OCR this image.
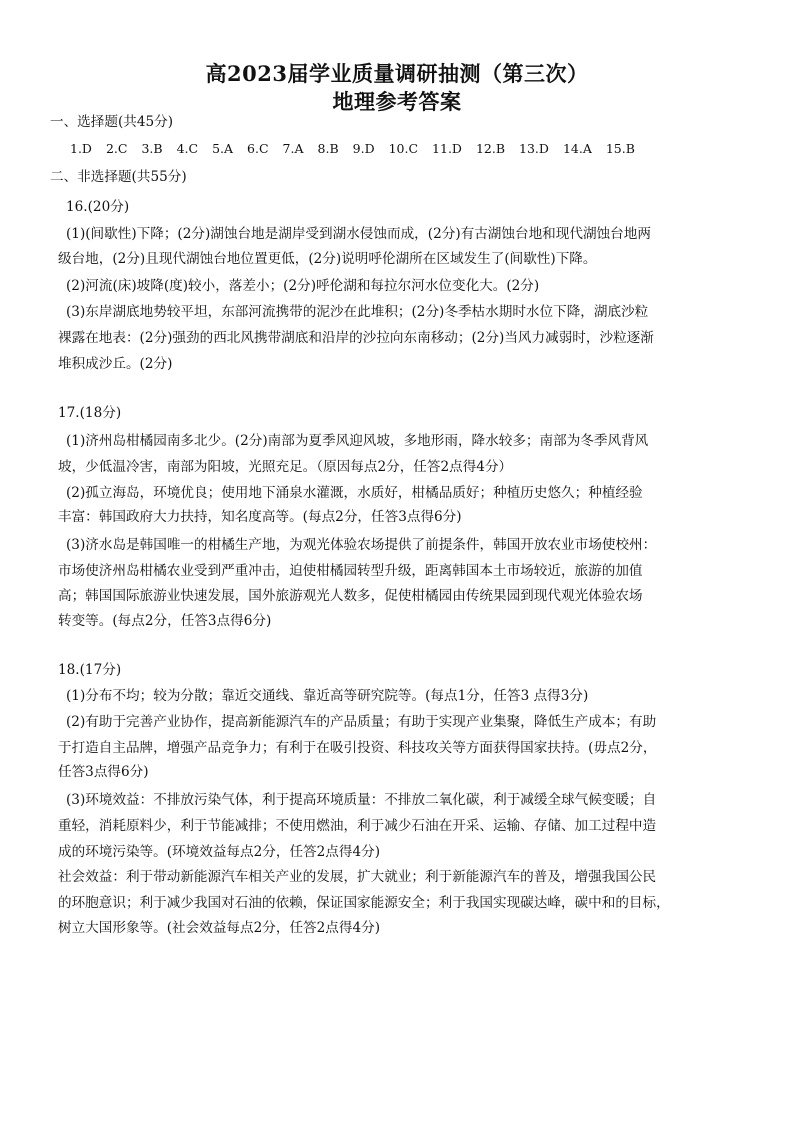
高2023届学业质量调研抽测（第三次）
地理参考答案
一、选择题(共45分)
1.D 2.C 3.B 4.C 5.A 6.C 7.A 8.B 9.D 10.C 11.D 12.B 13.D 14.A 15.B
二、非选择题(共55分)
16.(20分)
(1)(间歇性)下降；(2分)湖蚀台地是湖岸受到湖水侵蚀而成，(2分)有古湖蚀台地和现代湖蚀台地两
级台地，(2分)且现代湖蚀台地位置更低，(2分)说明呼伦湖所在区域发生了(间歇性)下降。
(2)河流(床)坡降(度)较小，落差小；(2分)呼伦湖和每拉尔河水位变化大。(2分)
(3)东岸湖底地势较平坦，东部河流携带的泥沙在此堆积；(2分)冬季枯水期时水位下降，湖底沙粒
裸露在地表：(2分)强劲的西北风携带湖底和沿岸的沙拉向东南移动；(2分)当风力减弱时，沙粒逐渐
堆积成沙丘。(2分)
17.(18分)
(1)济州岛柑橘园南多北少。(2分)南部为夏季风迎风坡，多地形雨，降水较多；南部为冬季风背风
坡，少低温冷害，南部为阳坡，光照充足。（原因每点2分，任答2点得4分）
(2)孤立海岛，环境优良；使用地下涌泉水灌溉，水质好，柑橘品质好；种植历史悠久；种植经验
丰富：韩国政府大力扶持，知名度高等。(每点2分，任答3点得6分)
(3)济水岛是韩国唯一的柑橘生产地，为观光体验农场提供了前提条件，韩国开放农业市场使校州：
市场使济州岛柑橘农业受到严重冲击，迫使柑橘园转型升级，距离韩国本土市场较近，旅游的加值
高；韩国国际旅游业快速发展，国外旅游观光人数多，促使柑橘园由传统果园到现代观光体验农场
转变等。(每点2分，任答3点得6分)
18.(17分)
(1)分布不均；较为分散；靠近交通线、靠近高等研究院等。(每点1分，任答3 点得3分)
(2)有助于完善产业协作，提高新能源汽车的产品质量；有助于实现产业集聚，降低生产成本；有助
于打造自主品牌，增强产品竞争力；有利于在吸引投资、科技攻关等方面获得国家扶持。(毋点2分，
任答3点得6分)
(3)环境效益：不排放污染气体，利于提高环境质量：不排放二氧化碳，利于减缓全球气候变暖；自
重轻，消耗原料少，利于节能减排；不使用燃油，利于减少石油在开采、运输、存储、加工过程中造
成的环境污染等。(环境效益每点2分，任答2点得4分)
社会效益：利于带动新能源汽车相关产业的发展，扩大就业；利于新能源汽车的普及，增强我国公民
的环胞意识；利于减少我国对石油的依赖，保证国家能源安全；利于我国实现碳达峰，碳中和的目标，
树立大国形象等。(社会效益每点2分，任答2点得4分)
